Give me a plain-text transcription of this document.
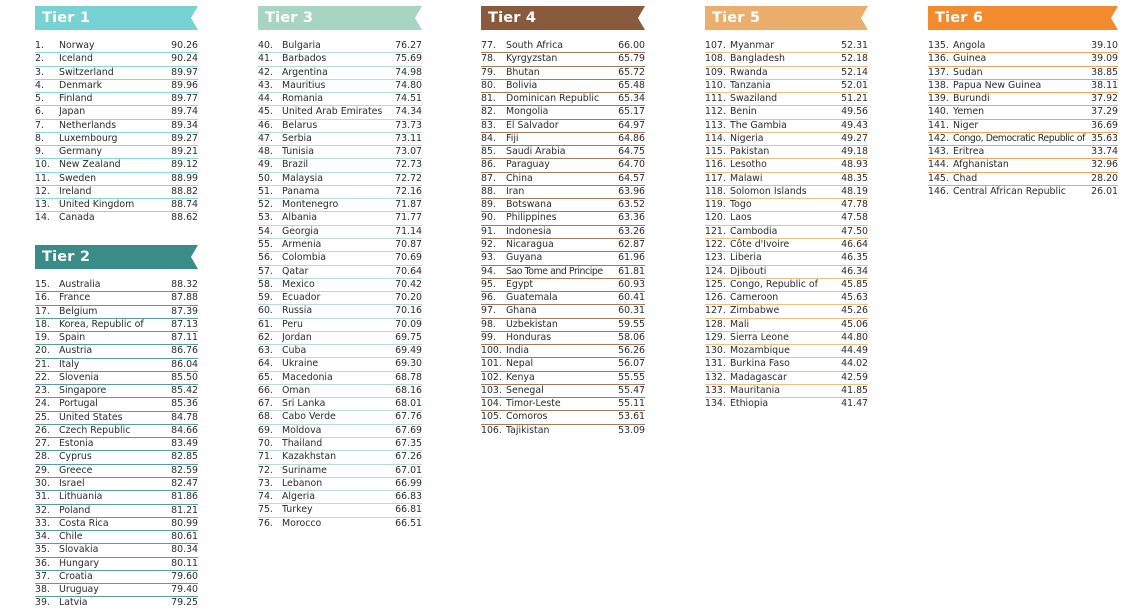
Tier 1
1.	Norway	90.26
2.	Iceland	90.24
3.	Switzerland	89.97
4.	Denmark	89.96
5.	Finland	89.77
6.	Japan	89.74
7.	Netherlands	89.34
8.	Luxembourg	89.27
9.	Germany	89.21
10. New Zealand	89.12
11. Sweden	88.99
12. Ireland	88.82
13. United Kingdom	88.74
14. Canada	88.62
Tier 2
15. Australia	88.32
16. France	87.88
17. Belgium	87.39
18. Korea, Republic of	87.13
19. Spain	87.11
20. Austria	86.76
21. Italy	86.04
22. Slovenia	85.50
23. Singapore	85.42
24. Portugal	85.36
25. United States	84.78
26. Czech Republic	84.66
27. Estonia	83.49
28. Cyprus	82.85
29. Greece	82.59
30. Israel	82.47
31. Lithuania	81.86
32. Poland	81.21
33. Costa Rica	80.99
34. Chile	80.61
35. Slovakia	80.34
36. Hungary	80.11
37. Croatia	79.60
38. Uruguay	79.40
39. Latvia	79.25
Tier 3
40. Bulgaria	76.27
41. Barbados	75.69
42. Argentina	74.98
43. Mauritius	74.80
44. Romania	74.51
45. United Arab Emirates	74.34
46. Belarus	73.73
47. Serbia	73.11
48. Tunisia	73.07
49. Brazil	72.73
50. Malaysia	72.72
51. Panama	72.16
52. Montenegro	71.87
53. Albania	71.77
54. Georgia	71.14
55. Armenia	70.87
56. Colombia	70.69
57. Qatar	70.64
58. Mexico	70.42
59. Ecuador	70.20
60. Russia	70.16
61. Peru	70.09
62. Jordan	69.75
63. Cuba	69.49
64. Ukraine	69.30
65. Macedonia	68.78
66. Oman	68.16
67. Sri Lanka	68.01
68. Cabo Verde	67.76
69. Moldova	67.69
70. Thailand	67.35
71. Kazakhstan	67.26
72. Suriname	67.01
73. Lebanon	66.99
74. Algeria	66.83
75. Turkey	66.81
76. Morocco	66.51
Tier 4
77.	South Africa	66.00
78.	Kyrgyzstan	65.79
79.	Bhutan	65.72
80.	Bolivia	65.48
81.	Dominican Republic	65.34
82.	Mongolia	65.17
83.	El Salvador	64.97
84.	Fiji	64.86
85.	Saudi Arabia	64.75
86.	Paraguay	64.70
87.	China	64.57
88.	Iran	63.96
89.	Botswana	63.52
90.	Philippines	63.36
91.	Indonesia	63.26
92.	Nicaragua	62.87
93.	Guyana	61.96
94.	Sao Tome and Principe	61.81
95.	Egypt	60.93
96.	Guatemala	60.41
97.	Ghana	60.31
98.	Uzbekistan	59.55
99.	Honduras	58.06
100. India	56.26
101. Nepal	56.07
102. Kenya	55.55
103. Senegal	55.47
104. Timor-Leste	55.11
105. Comoros	53.61
106. Tajikistan	53.09
Tier 5
107. Myanmar	52.31
108. Bangladesh	52.18
109. Rwanda	52.14
110. Tanzania	52.01
111. Swaziland	51.21
112. Benin	49.56
113. The Gambia	49.43
114. Nigeria	49.27
115. Pakistan	49.18
116. Lesotho	48.93
117. Malawi	48.35
118. Solomon Islands	48.19
119. Togo	47.78
120. Laos	47.58
121. Cambodia	47.50
122. Côte d'Ivoire	46.64
123. Liberia	46.35
124. Djibouti	46.34
125. Congo, Republic of	45.85
126. Cameroon	45.63
127. Zimbabwe	45.26
128. Mali	45.06
129. Sierra Leone	44.80
130. Mozambique	44.49
131. Burkina Faso	44.02
132. Madagascar	42.59
133. Mauritania	41.85
134. Ethiopia	41.47
Tier 6
135. Angola	39.10
136. Guinea	39.09
137. Sudan	38.85
138. Papua New Guinea	38.11
139. Burundi	37.92
140. Yemen	37.29
141. Niger	36.69
142. Congo, Democratic Republic of 35.63
143. Eritrea	33.74
144. Afghanistan	32.96
145. Chad	28.20
146. Central African Republic	26.01
